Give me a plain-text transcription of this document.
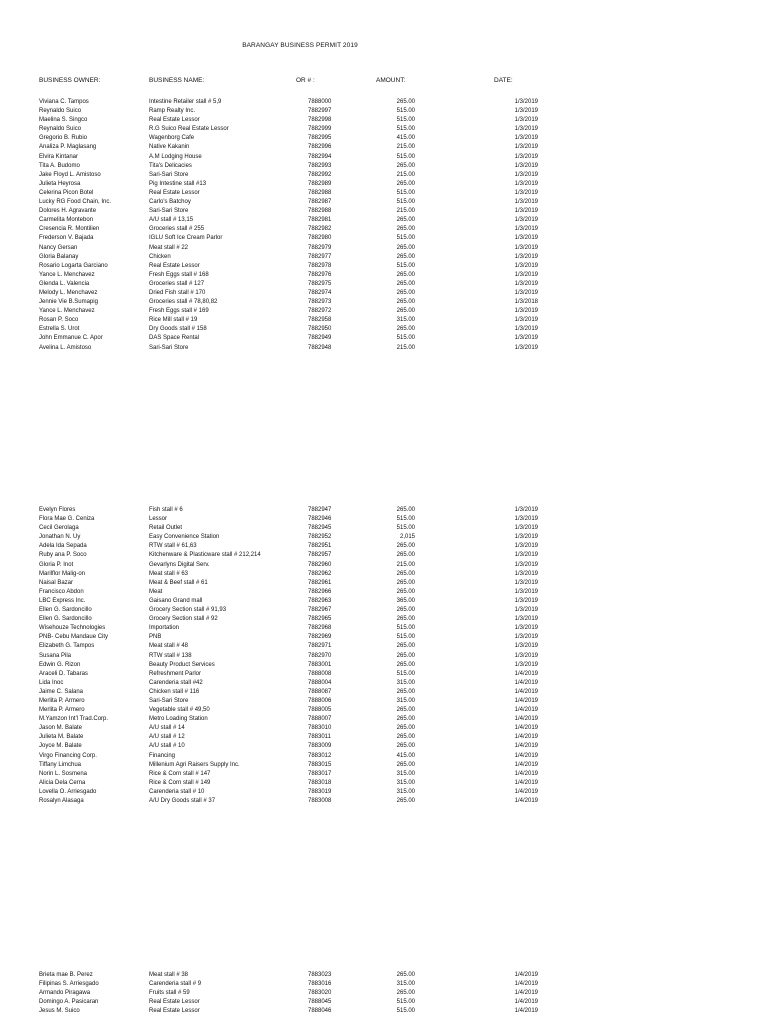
BARANGAY BUSINESS PERMIT 2019
BUSINESS OWNER:	BUSINESS NAME:	OR # :	AMOUNT:	DATE:
Viviana C. Tampos	Intestine Retailer stall # 5,9	7888000	265.00	1/3/2019
Reynaldo Suico	Ramp Realty Inc.	7882997	515.00	1/3/2019
Maelina S. Singco	Real Estate Lessor	7882998	515.00	1/3/2019
Reynaldo Suico	R.G Suico Real Estate Lessor	7882999	515.00	1/3/2019
Gregorio B. Rubio	Wagenborg Cafe	7882995	415.00	1/3/2019
Analiza P. Maglasang	Native Kakanin	7882996	215.00	1/3/2019
Elvira Kintanar	A.M Lodging House	7882994	515.00	1/3/2019
Tita A. Budomo	Tita's Delicacies	7882993	265.00	1/3/2019
Jake Floyd L. Amistoso	Sari-Sari Store	7882992	215.00	1/3/2019
Julieta Heyrosa	Pig Intestine stall #13	7882989	265.00	1/3/2019
Celerina Picon Botel	Real Estate Lessor	7882988	515.00	1/3/2019
Lucky RG Food Chain, Inc.	Carlo's Batchoy	7882987	515.00	1/3/2019
Dolores H. Agravante	Sari-Sari Store	7882988	215.00	1/3/2019
Carmelita Montebon	A/U stall # 13,15	7882981	265.00	1/3/2019
Cresencia R. Montilien	Groceries stall # 255	7882982	265.00	1/3/2019
Frederson V. Bajada	IGLU Soft Ice Cream Parlor	7882980	515.00	1/3/2019
Nancy Gersan	Meat stall # 22	7882979	265.00	1/3/2019
Gloria Balanay	Chicken	7882977	265.00	1/3/2019
Rosario Logarta Garciano	Real Estate Lessor	7882978	515.00	1/3/2019
Yance L. Menchavez	Fresh Eggs stall # 168	7882976	265.00	1/3/2019
Glenda L. Valencia	Groceries stall # 127	7882975	265.00	1/3/2019
Melody L. Menchavez	Dried Fish stall # 170	7882974	265.00	1/3/2019
Jennie Vie B.Sumapig	Groceries stall # 78,80,82	7882973	265.00	1/3/2018
Yance L. Menchavez	Fresh Eggs stall # 169	7882972	265.00	1/3/2019
Rosan P. Soco	Rice Mill stall # 19	7882958	315.00	1/3/2019
Estrella S. Urot	Dry Goods stall # 158	7882950	265.00	1/3/2019
John Emmanue C. Apor	DAS Space Rental	7882949	515.00	1/3/2019
Avelina L. Amistoso	Sari-Sari Store	7882948	215.00	1/3/2019
Evelyn Flores	Fish stall # 6	7882947	265.00	1/3/2019
Flora Mae G. Ceniza	Lessor	7882946	515.00	1/3/2019
Cecil Gerolaga	Retail Outlet	7882945	515.00	1/3/2019
Jonathan N. Uy	Easy Convenience Station	7882952	2,015	1/3/2019
Adela Ida Sepada	RTW stall # 61,63	7882951	265.00	1/3/2019
Ruby ana P. Soco	Kitchenware & Plasticware stall # 212,214	7882957	265.00	1/3/2019
Gloria P. Inot	Gevarlyns Digital Serv.	7882960	215.00	1/3/2019
Marilflor Malig-on	Meat stall # 63	7882962	265.00	1/3/2019
Naisal Bazar	Meat & Beef stall # 61	7882961	265.00	1/3/2019
Francisco Abdon	Meat	7882966	265.00	1/3/2019
LBC Express Inc.	Gaisano Grand mall	7882963	365.00	1/3/2019
Ellen G. Sardoncillo	Grocery Section stall # 91,93	7882967	265.00	1/3/2019
Ellen G. Sardoncillo	Grocery Section stall # 92	7882965	265.00	1/3/2019
Wisehouze Technologies	Importation	7882968	515.00	1/3/2019
PNB- Cebu Mandaue City	PNB	7882969	515.00	1/3/2019
Elizabeth G. Tampos	Meat stall # 48	7882971	265.00	1/3/2019
Susana Pila	RTW stall # 138	7882970	265.00	1/3/2019
Edwin G. Rizon	Beauty Product Services	7883001	265.00	1/3/2019
Araceli D. Tabaras	Refreshment Parlor	7888008	515.00	1/4/2019
Lida Inoc	Carenderia stall #42	7888004	315.00	1/4/2019
Jaime C. Salana	Chicken stall # 116	7888087	265.00	1/4/2019
Merlita P. Armero	Sari-Sari Store	7888006	315.00	1/4/2019
Merlita P. Armero	Vegetable stall # 49,50	7888005	265.00	1/4/2019
M.Yamzon Int'l Trad.Corp.	Metro Loading Station	7888007	265.00	1/4/2019
Jason M. Balate	A/U stall # 14	7883010	265.00	1/4/2019
Julieta M. Balate	A/U stall # 12	7883011	265.00	1/4/2019
Joyce M. Balate	A/U stall # 10	7883009	265.00	1/4/2019
Virgo Financing Corp.	Financing	7883012	415.00	1/4/2019
Tiffany Limchua	Millenium Agri Raisers Supply Inc.	7883015	265.00	1/4/2019
Norin L. Sosmena	Rice & Corn stall # 147	7883017	315.00	1/4/2019
Alicia Dela Cerna	Rice & Corn stall # 149	7883018	315.00	1/4/2019
Lovella O. Arriesgado	Carenderia stall # 10	7883019	315.00	1/4/2019
Rosalyn Alasaga	A/U Dry Goods stall # 37	7883008	265.00	1/4/2019
Brieta mae B. Perez	Meat stall # 38	7883023	265.00	1/4/2019
Filipinas S. Arriesgado	Carenderia stall # 9	7883016	315.00	1/4/2019
Armando Piragawa	Fruits stall # 59	7883020	265.00	1/4/2019
Domingo A. Pasicaran	Real Estate Lessor	7888045	515.00	1/4/2019
Jesus M. Suico	Real Estate Lessor	7888046	515.00	1/4/2019
